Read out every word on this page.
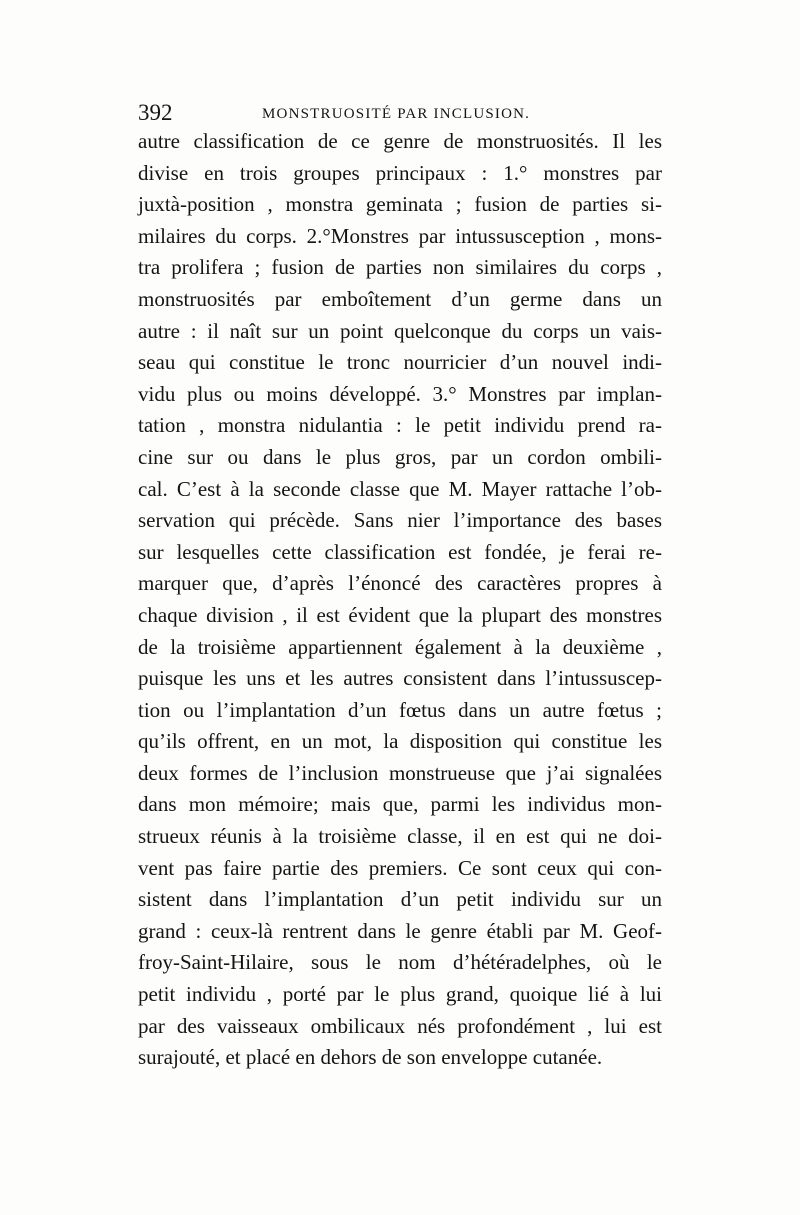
392	MONSTRUOSITÉ PAR INCLUSION.
autre classification de ce genre de monstruosités. Il les
divise en trois groupes principaux : 1.° monstres par
juxtà-position , monstra geminata ; fusion de parties si-
milaires du corps. 2.°Monstres par intussusception , mons-
tra prolifera ; fusion de parties non similaires du corps ,
monstruosités par emboîtement d’un germe dans un
autre : il naît sur un point quelconque du corps un vais-
seau qui constitue le tronc nourricier d’un nouvel indi-
vidu plus ou moins développé. 3.° Monstres par implan-
tation , monstra nidulantia : le petit individu prend ra-
cine sur ou dans le plus gros, par un cordon ombili-
cal. C’est à la seconde classe que M. Mayer rattache l’ob-
servation qui précède. Sans nier l’importance des bases
sur lesquelles cette classification est fondée, je ferai re-
marquer que, d’après l’énoncé des caractères propres à
chaque division , il est évident que la plupart des monstres
de la troisième appartiennent également à la deuxième ,
puisque les uns et les autres consistent dans l’intussuscep-
tion ou l’implantation d’un fœtus dans un autre fœtus ;
qu’ils offrent, en un mot, la disposition qui constitue les
deux formes de l’inclusion monstrueuse que j’ai signalées
dans mon mémoire; mais que, parmi les individus mon-
strueux réunis à la troisième classe, il en est qui ne doi-
vent pas faire partie des premiers. Ce sont ceux qui con-
sistent dans l’implantation d’un petit individu sur un
grand : ceux-là rentrent dans le genre établi par M. Geof-
froy-Saint-Hilaire, sous le nom d’hétéradelphes, où le
petit individu , porté par le plus grand, quoique lié à lui
par des vaisseaux ombilicaux nés profondément , lui est
surajouté, et placé en dehors de son enveloppe cutanée.
